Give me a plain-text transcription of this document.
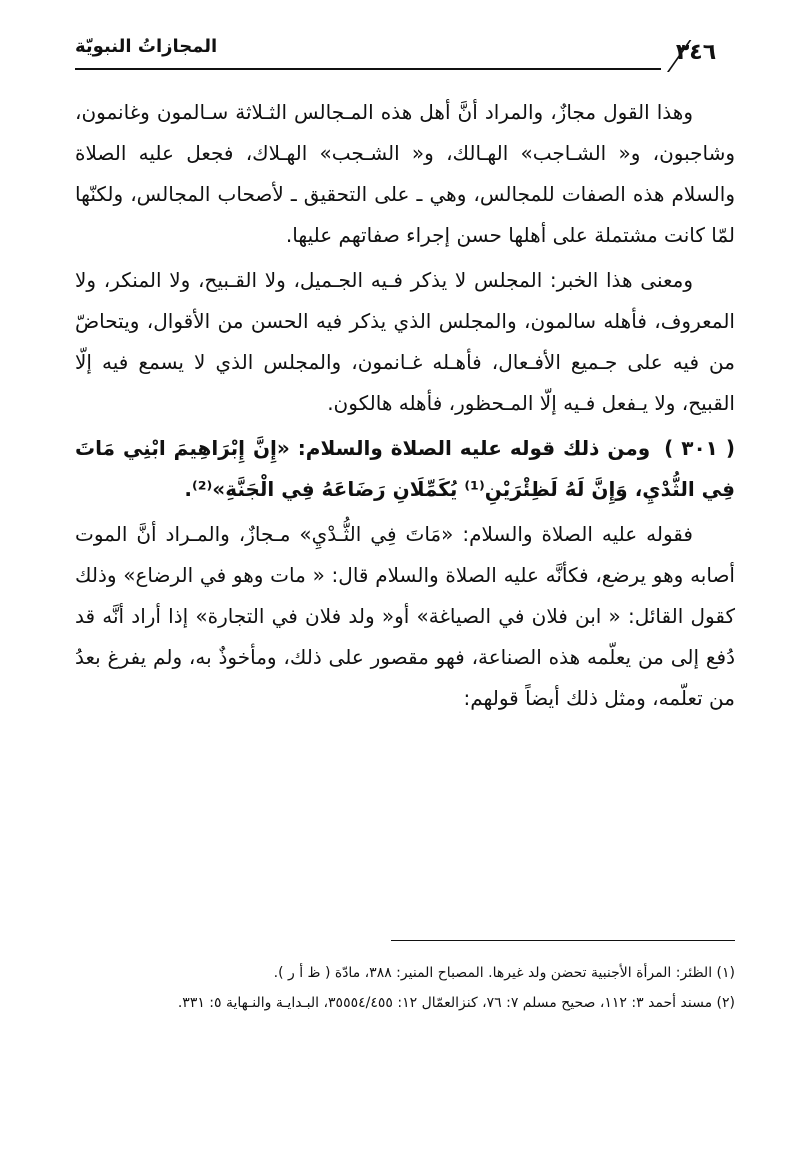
٣٤٦
المجازاتُ النبويّة

وهذا القول مجازٌ، والمراد أنَّ أهل هذه المـجالس الثـلاثة سـالمون وغانمون، وشاجبون، و« الشـاجب» الهـالك، و« الشـجب» الهـلاك، فجعل عليه الصلاة والسلام هذه الصفات للمجالس، وهي ـ على التحقيق ـ لأصحاب المجالس، ولكنّها لمّا كانت مشتملة على أهلها حسن إجراء صفاتهم عليها.

ومعنى هذا الخبر: المجلس لا يذكر فـيه الجـميل، ولا القـبيح، ولا المنكر، ولا المعروف، فأهله سالمون، والمجلس الذي يذكر فيه الحسن من الأقوال، ويتحاضّ من فيه على جـميع الأفـعال، فأهـله غـانمون، والمجلس الذي لا يسمع فيه إلّا القبيح، ولا يـفعل فـيه إلّا المـحظور، فأهله هالكون.

( ٣٠١ ) ومن ذلك قوله عليه الصلاة والسلام: «إِنَّ إِبْرَاهِيمَ ابْنِي مَاتَ فِي الثُّدْيِ، وَإِنَّ لَهُ لَظِئْرَيْنِ⁽¹⁾ يُكَمِّلَانِ رَضَاعَهُ فِي الْجَنَّةِ»⁽²⁾.

فقوله عليه الصلاة والسلام: «مَاتَ فِي الثُّـدْيِ» مـجازٌ، والمـراد أنَّ الموت أصابه وهو يرضع، فكأنَّه عليه الصلاة والسلام قال: « مات وهو في الرضاع» وذلك كقول القائل: « ابن فلان في الصياغة» أو« ولد فلان في التجارة» إذا أراد أنَّه قد دُفع إلى من يعلّمه هذه الصناعة، فهو مقصور على ذلك، ومأخوذٌ به، ولم يفرغ بعدُ من تعلّمه، ومثل ذلك أيضاً قولهم:

(١) الظئر: المرأة الأجنبية تحضن ولد غيرها. المصباح المنير: ٣٨٨، مادّة ( ظ أ ر ).

(٢) مسند أحمد ٣: ١١٢، صحيح مسلم ٧: ٧٦، كنزالعمّال ١٢: ٣٥٥٥٤/٤٥٥، البـدايـة والنـهاية ٥: ٣٣١.
